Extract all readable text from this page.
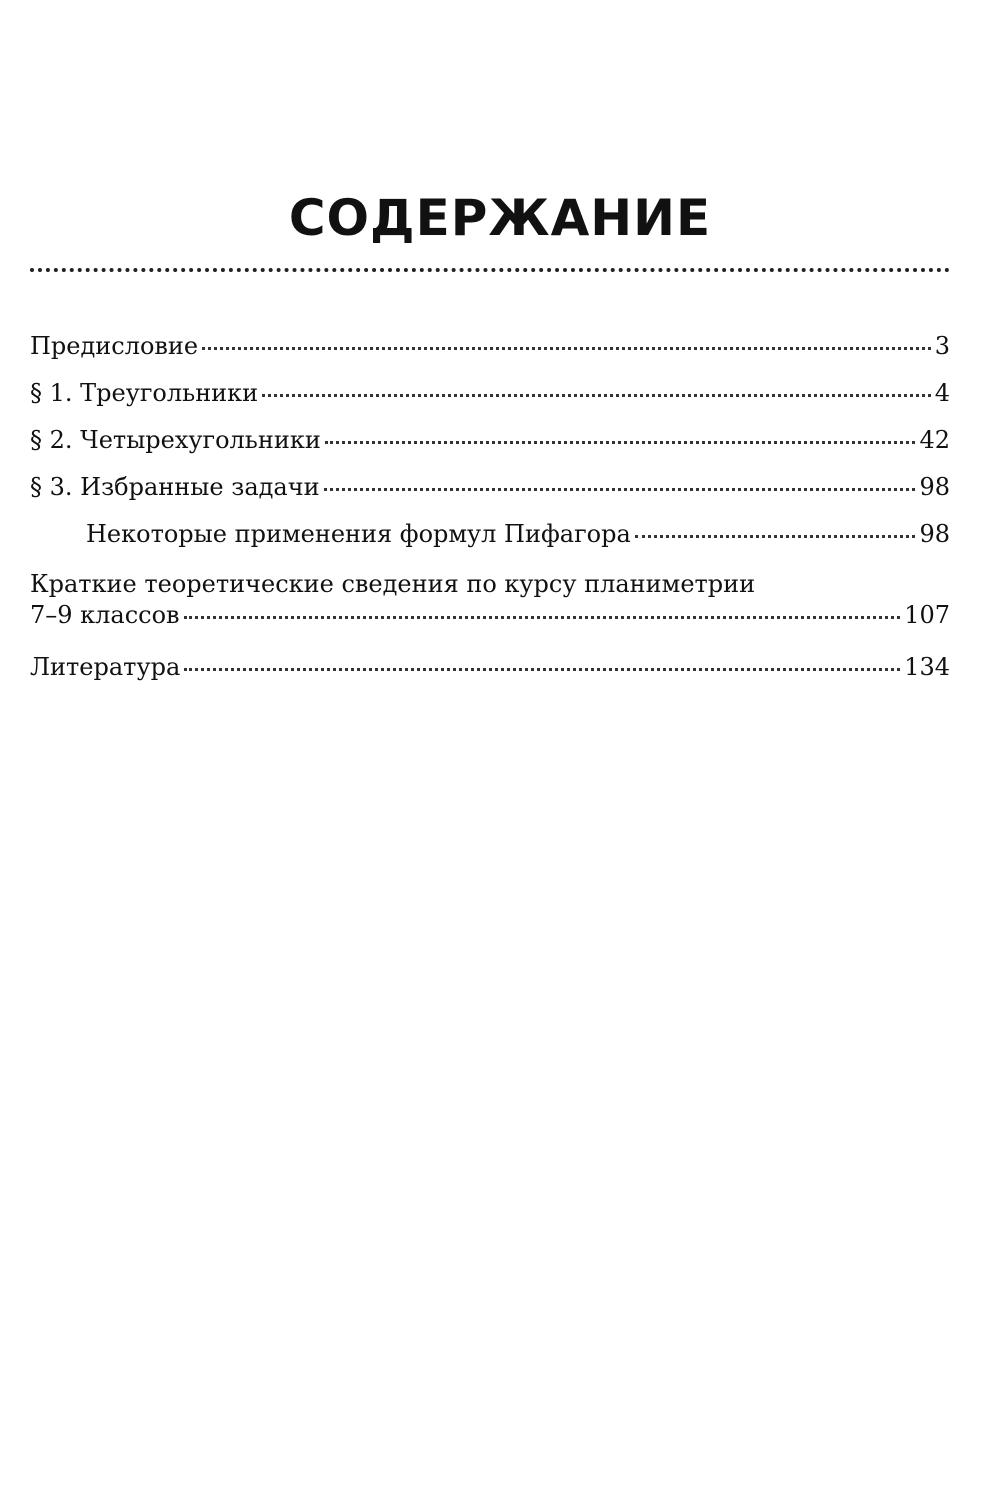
СОДЕРЖАНИЕ
Предисловие	3
§ 1. Треугольники	4
§ 2. Четырехугольники	42
§ 3. Избранные задачи	98
Некоторые применения формул Пифагора	98
Краткие теоретические сведения по курсу планиметрии
7–9 классов	107
Литература	134
